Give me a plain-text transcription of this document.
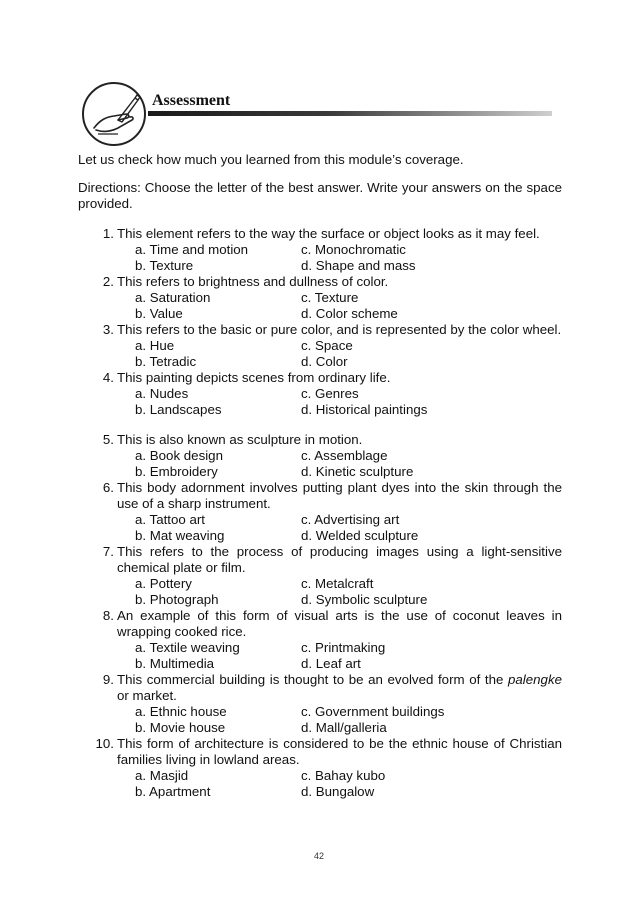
Assessment

Let us check how much you learned from this module’s coverage.

Directions: Choose the letter of the best answer. Write your answers on the space provided.

1. This element refers to the way the surface or object looks as it may feel.
a. Time and motion	c. Monochromatic
b. Texture	d. Shape and mass
2. This refers to brightness and dullness of color.
a. Saturation	c. Texture
b. Value	d. Color scheme
3. This refers to the basic or pure color, and is represented by the color wheel.
a. Hue	c. Space
b. Tetradic	d. Color
4. This painting depicts scenes from ordinary life.
a. Nudes	c. Genres
b. Landscapes	d. Historical paintings
5. This is also known as sculpture in motion.
a. Book design	c. Assemblage
b. Embroidery	d. Kinetic sculpture
6. This body adornment involves putting plant dyes into the skin through the use of a sharp instrument.
a. Tattoo art	c. Advertising art
b. Mat weaving	d. Welded sculpture
7. This refers to the process of producing images using a light-sensitive chemical plate or film.
a. Pottery	c. Metalcraft
b. Photograph	d. Symbolic sculpture
8. An example of this form of visual arts is the use of coconut leaves in wrapping cooked rice.
a. Textile weaving	c. Printmaking
b. Multimedia	d. Leaf art
9. This commercial building is thought to be an evolved form of the palengke or market.
a. Ethnic house	c. Government buildings
b. Movie house	d. Mall/galleria
10. This form of architecture is considered to be the ethnic house of Christian families living in lowland areas.
a. Masjid	c. Bahay kubo
b. Apartment	d. Bungalow
42
